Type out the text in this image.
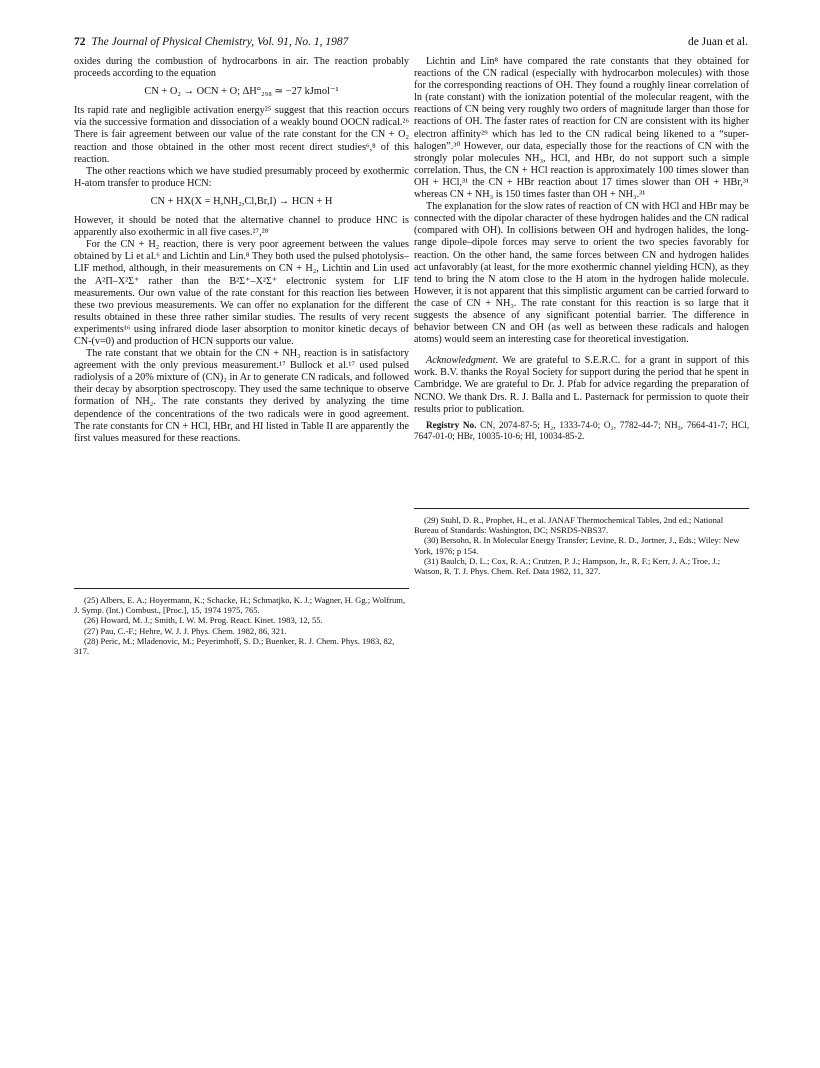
72 The Journal of Physical Chemistry, Vol. 91, No. 1, 1987	de Juan et al.

oxides during the combustion of hydrocarbons in air. The reaction probably proceeds according to the equation

CN + O₂ → OCN + O; ΔH°₂₉₈ ≃ −27 kJmol⁻¹

Its rapid rate and negligible activation energy²⁵ suggest that this reaction occurs via the successive formation and dissociation of a weakly bound OOCN radical.²⁶ There is fair agreement between our value of the rate constant for the CN + O₂ reaction and those obtained in the other most recent direct studies⁶,⁸ of this reaction.

The other reactions which we have studied presumably proceed by exothermic H-atom transfer to produce HCN:

CN + HX(X = H,NH₂,Cl,Br,I) → HCN + H

However, it should be noted that the alternative channel to produce HNC is apparently also exothermic in all five cases.²⁷,²⁸

For the CN + H₂ reaction, there is very poor agreement between the values obtained by Li et al.⁶ and Lichtin and Lin.⁸ They both used the pulsed photolysis–LIF method, although, in their measurements on CN + H₂, Lichtin and Lin used the A²Π–X²Σ⁺ rather than the B²Σ⁺–X²Σ⁺ electronic system for LIF measurements. Our own value of the rate constant for this reaction lies between these two previous measurements. We can offer no explanation for the different results obtained in these three rather similar studies. The results of very recent experiments¹⁶ using infrared diode laser absorption to monitor kinetic decays of CN-(v=0) and production of HCN supports our value.

The rate constant that we obtain for the CN + NH₃ reaction is in satisfactory agreement with the only previous measurement.¹⁷ Bullock et al.¹⁷ used pulsed radiolysis of a 20% mixture of (CN)₂ in Ar to generate CN radicals, and followed their decay by absorption spectroscopy. They used the same technique to observe formation of NH₂. The rate constants they derived by analyzing the time dependence of the concentrations of the two radicals were in good agreement. The rate constants for CN + HCl, HBr, and HI listed in Table II are apparently the first values measured for these reactions.

(25) Albers, E. A.; Hoyermann, K.; Schacke, H.; Schmatjko, K. J.; Wagner, H. Gg.; Wolfrum, J. Symp. (Int.) Combust., [Proc.], 15, 1974 1975, 765.

(26) Howard, M. J.; Smith, I. W. M. Prog. React. Kinet. 1983, 12, 55.

(27) Pau, C.-F.; Hehre, W. J. J. Phys. Chem. 1982, 86, 321.

(28) Peric, M.; Mladenovic, M.; Peyerimhoff, S. D.; Buenker, R. J. Chem. Phys. 1983, 82, 317.

Lichtin and Lin⁸ have compared the rate constants that they obtained for reactions of the CN radical (especially with hydrocarbon molecules) with those for the corresponding reactions of OH. They found a roughly linear correlation of ln (rate constant) with the ionization potential of the molecular reagent, with the reactions of CN being very roughly two orders of magnitude larger than those for reactions of OH. The faster rates of reaction for CN are consistent with its higher electron affinity²⁹ which has led to the CN radical being likened to a “super-halogen”.³⁰ However, our data, especially those for the reactions of CN with the strongly polar molecules NH₃, HCl, and HBr, do not support such a simple correlation. Thus, the CN + HCl reaction is approximately 100 times slower than OH + HCl,³¹ the CN + HBr reaction about 17 times slower than OH + HBr,³¹ whereas CN + NH₃ is 150 times faster than OH + NH₃.³¹

The explanation for the slow rates of reaction of CN with HCl and HBr may be connected with the dipolar character of these hydrogen halides and the CN radical (compared with OH). In collisions between OH and hydrogen halides, the long-range dipole–dipole forces may serve to orient the two species favorably for reaction. On the other hand, the same forces between CN and hydrogen halides act unfavorably (at least, for the more exothermic channel yielding HCN), as they tend to bring the N atom close to the H atom in the hydrogen halide molecule. However, it is not apparent that this simplistic argument can be carried forward to the case of CN + NH₃. The rate constant for this reaction is so large that it suggests the absence of any significant potential barrier. The difference in behavior between CN and OH (as well as between these radicals and halogen atoms) would seem an interesting case for theoretical investigation.

Acknowledgment. We are grateful to S.E.R.C. for a grant in support of this work. B.V. thanks the Royal Society for support during the period that he spent in Cambridge. We are grateful to Dr. J. Pfab for advice regarding the preparation of NCNO. We thank Drs. R. J. Balla and L. Pasternack for permission to quote their results prior to publication.

Registry No. CN, 2074-87-5; H₂, 1333-74-0; O₂, 7782-44-7; NH₃, 7664-41-7; HCl, 7647-01-0; HBr, 10035-10-6; HI, 10034-85-2.

(29) Stuhl, D. R., Prophet, H., et al. JANAF Thermochemical Tables, 2nd ed.; National Bureau of Standards: Washington, DC; NSRDS-NBS37.

(30) Bersohn, R. In Molecular Energy Transfer; Levine, R. D., Jortner, J., Eds.; Wiley: New York, 1976; p 154.

(31) Baulch, D. L.; Cox, R. A.; Crutzen, P. J.; Hampson, Jr., R. F.; Kerr, J. A.; Troe, J.; Watson, R. T. J. Phys. Chem. Ref. Data 1982, 11, 327.
